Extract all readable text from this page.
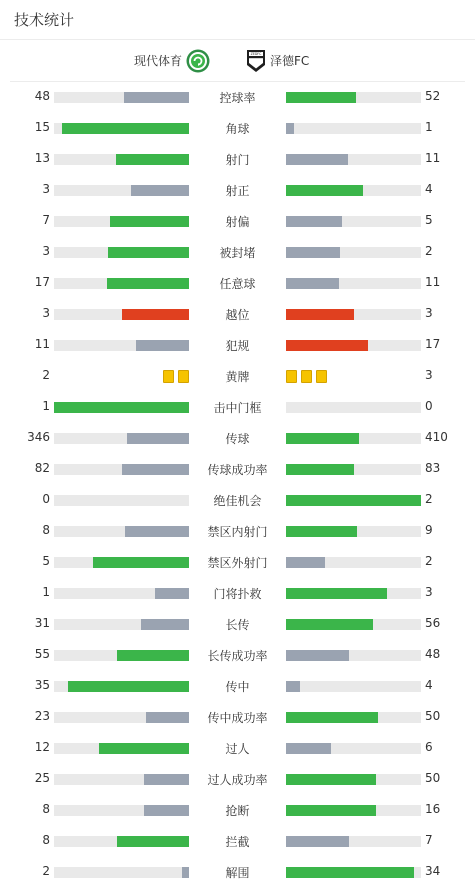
技术统计
现代体育
ZEDFC
泽德FC
48	控球率	52
15	角球	1
13	射门	11
3	射正	4
7	射偏	5
3	被封堵	2
17	任意球	11
3	越位	3
11	犯规	17
2	黄牌	3
1	击中门框	0
346	传球	410
82	传球成功率	83
0	绝佳机会	2
8	禁区内射门	9
5	禁区外射门	2
1	门将扑救	3
31	长传	56
55	长传成功率	48
35	传中	4
23	传中成功率	50
12	过人	6
25	过人成功率	50
8	抢断	16
8	拦截	7
2	解围	34
